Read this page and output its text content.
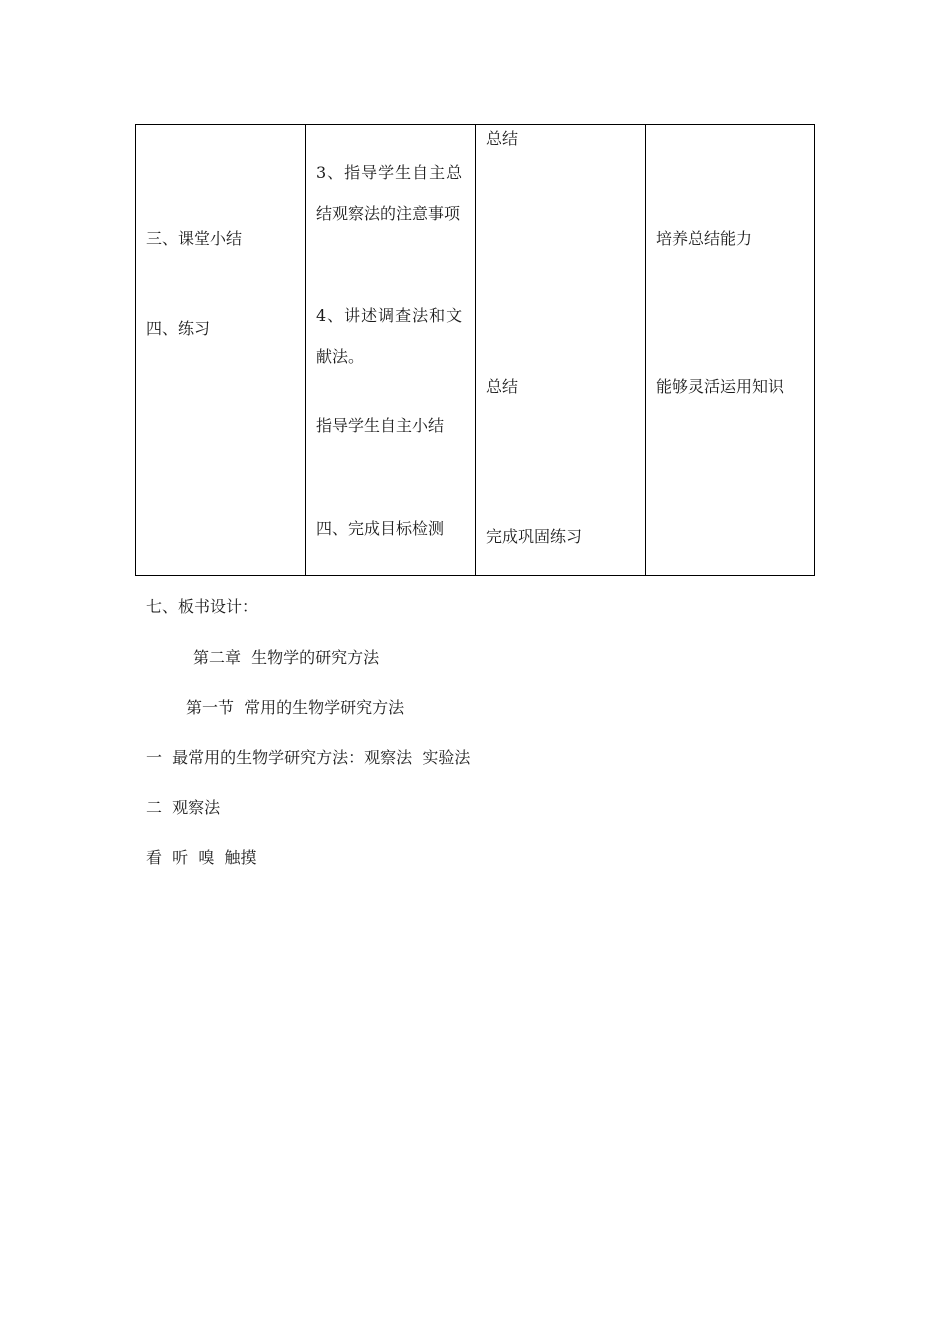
三、课堂小结
四、练习
3、指导学生自主总
结观察法的注意事项
4、讲述调查法和文
献法。
指导学生自主小结
四、完成目标检测
总结
总结
完成巩固练习
培养总结能力
能够灵活运用知识
七、板书设计：
第二章  生物学的研究方法
第一节  常用的生物学研究方法
一  最常用的生物学研究方法：观察法  实验法
二  观察法
看  听  嗅  触摸
